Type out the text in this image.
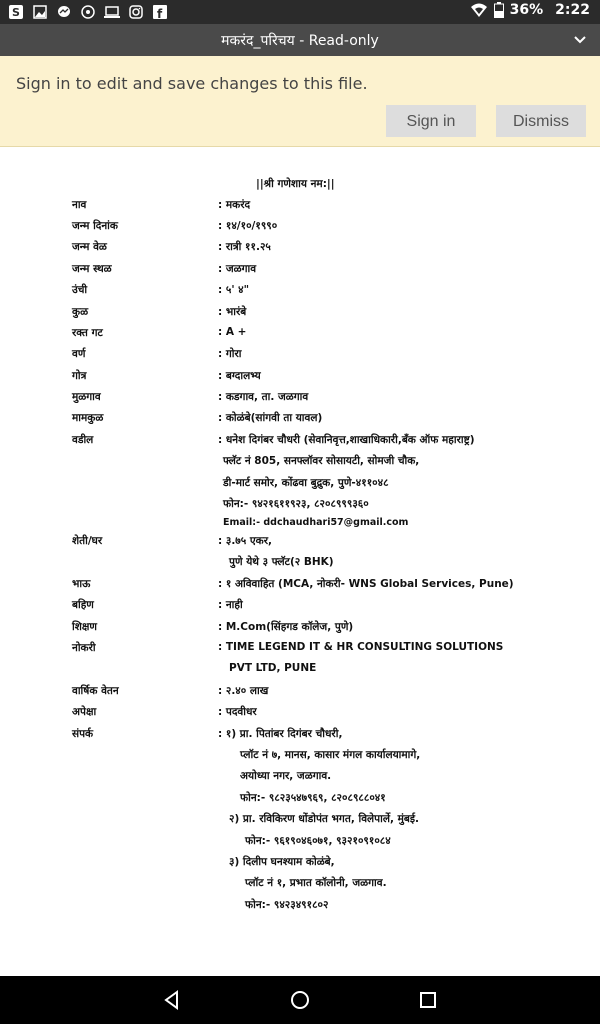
S	f	36% 2:22
मकरंद_परिचय - Read-only
Sign in to edit and save changes to this file.
Sign in	Dismiss
||श्री गणेशाय नम:||
नाव	: मकरंद
जन्म दिनांक	: १४/१०/१९९०
जन्म वेळ	: रात्री ११.२५
जन्म स्थळ	: जळगाव
उंची	: ५' ४"
कुळ	: भारंबे
रक्त गट	: A +
वर्ण	: गोरा
गोत्र	: बग्दालभ्य
मुळगाव	: कडगाव, ता. जळगाव
मामकुळ	: कोळंबे(सांगवी ता यावल)
वडील	: धनेश दिगंबर चौधरी (सेवानिवृत्त,शाखाधिकारी,बँक ऑफ महाराष्ट्र)
फ्लॅट नं 805, सनफ्लॉवर सोसायटी, सोमजी चौक,
डी-मार्ट समोर, कोंढवा बुद्रुक, पुणे-४११०४८
फोन:- ९४२१६११९२३, ८२०८९९९३६०
Email:- ddchaudhari57@gmail.com
शेती/घर	: ३.७५ एकर,
पुणे येथे ३ फ्लॅट(२ BHK)
भाऊ	: १ अविवाहित (MCA, नोकरी- WNS Global Services, Pune)
बहिण	: नाही
शिक्षण	: M.Com(सिंहगड कॉलेज, पुणे)
नोकरी	: TIME LEGEND IT & HR CONSULTING SOLUTIONS
PVT LTD, PUNE
वार्षिक वेतन	: २.४० लाख
अपेक्षा	: पदवीधर
संपर्क	: १) प्रा. पितांबर दिगंबर चौधरी,
प्लॉट नं ७, मानस, कासार मंगल कार्यालयामागे,
अयोध्या नगर, जळगाव.
फोन:- ९८२३५४७९६९, ८२०८९८८०४१
२) प्रा. रविकिरण धोंडोपंत भगत, विलेपार्ले, मुंबई.
फोन:- ९६१९०४६०७१, ९३२१०९१०८४
३) दिलीप घनश्याम कोळंबे,
प्लॉट नं १, प्रभात कॉलोनी, जळगाव.
फोन:- ९४२३४९१८०२
